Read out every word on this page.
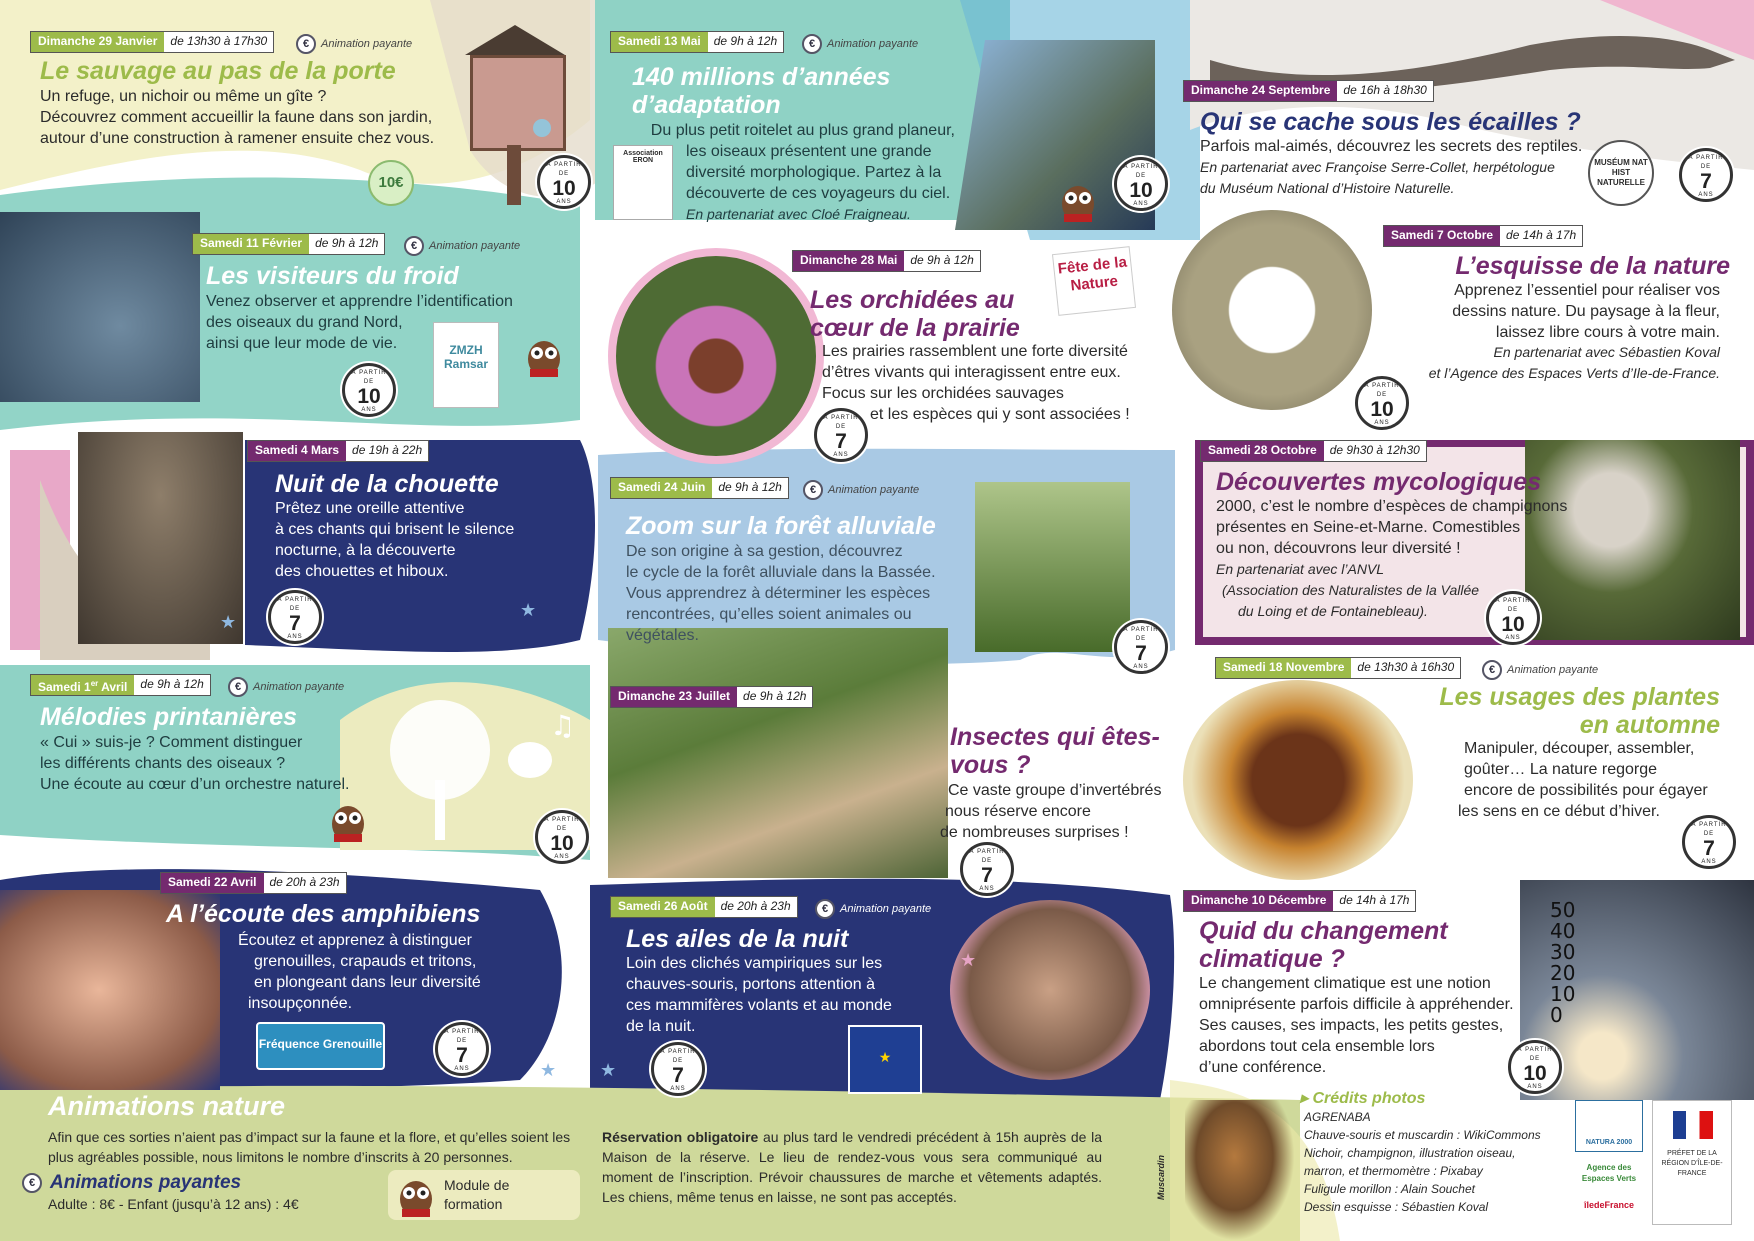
♫
50
40
30
20
10
0
★
★
★
★
★
Dimanche 29 Janvier	de 13h30 à 17h30	€	Animation payante
Le sauvage au pas de la porte
Un refuge, un nichoir ou même un gîte ?
Découvrez comment accueillir la faune dans son jardin,
autour d’une construction à ramener ensuite chez vous.
10€
À PARTIR DE
10
ANS
Samedi 11 Février	de 9h à 12h	€	Animation payante
Les visiteurs du froid
Venez observer et apprendre l’identification
des oiseaux du grand Nord,
ainsi que leur mode de vie.	ZMZH Ramsar
À PARTIR DE
10
ANS
Samedi 4 Mars	de 19h à 22h
Nuit de la chouette
Prêtez une oreille attentive
à ces chants qui brisent le silence
nocturne, à la découverte
des chouettes et hiboux.
À PARTIR DE
7
ANS
Samedi 1er Avril	de 9h à 12h	€	Animation payante
Mélodies printanières
« Cui » suis-je ? Comment distinguer
les différents chants des oiseaux ?
Une écoute au cœur d’un orchestre naturel.
À PARTIR DE
10
ANS
Samedi 22 Avril	de 20h à 23h
A l’écoute des amphibiens
Écoutez et apprenez à distinguer
grenouilles, crapauds et tritons,
en plongeant dans leur diversité
insoupçonnée.
Fréquence Grenouille
À PARTIR DE
7
ANS
Samedi 13 Mai	de 9h à 12h	€	Animation payante
140 millions d’années d’adaptation
Association ERON
Du plus petit roitelet au plus grand planeur,
les oiseaux présentent une grande
diversité morphologique. Partez à la
découverte de ces voyageurs du ciel.
En partenariat avec Cloé Fraigneau.
À PARTIR DE
10
ANS
Dimanche 28 Mai	de 9h à 12h	Fête de la Nature
Les orchidées au cœur de la prairie
Les prairies rassemblent une forte diversité
d’êtres vivants qui interagissent entre eux.
Focus sur les orchidées sauvages
et les espèces qui y sont associées !
À PARTIR DE
7
ANS
Samedi 24 Juin	de 9h à 12h	€	Animation payante
Zoom sur la forêt alluviale
De son origine à sa gestion, découvrez
le cycle de la forêt alluviale dans la Bassée.
Vous apprendrez à déterminer les espèces
rencontrées, qu’elles soient animales ou
végétales.	À PARTIR DE
7
ANS
Dimanche 23 Juillet	de 9h à 12h
Insectes qui êtes-vous ?
Ce vaste groupe d’invertébrés
nous réserve encore
de nombreuses surprises !
À PARTIR DE
7
ANS
Samedi 26 Août	de 20h à 23h	€	Animation payante
Les ailes de la nuit
Loin des clichés vampiriques sur les
chauves-souris, portons attention à
ces mammifères volants et au monde
de la nuit.
À PARTIR DE
7
ANS
★
Dimanche 24 Septembre	de 16h à 18h30
Qui se cache sous les écailles ?
Parfois mal-aimés, découvrez les secrets des reptiles.
En partenariat avec Françoise Serre-Collet, herpétologue
du Muséum National d’Histoire Naturelle.
MUSÉUM NAT HIST NATURELLE
À PARTIR DE
7
ANS
Samedi 7 Octobre	de 14h à 17h
L’esquisse de la nature
Apprenez l’essentiel pour réaliser vos
dessins nature. Du paysage à la fleur,
laissez libre cours à votre main.
En partenariat avec Sébastien Koval
et l’Agence des Espaces Verts d’Ile-de-France.
À PARTIR DE
10
ANS
Samedi 28 Octobre	de 9h30 à 12h30
Découvertes mycologiques
2000, c’est le nombre d’espèces de champignons
présentes en Seine-et-Marne. Comestibles
ou non, découvrons leur diversité !
En partenariat avec l’ANVL
(Association des Naturalistes de la Vallée
du Loing et de Fontainebleau).
À PARTIR DE
10
ANS
Samedi 18 Novembre	de 13h30 à 16h30	€	Animation payante
Les usages des plantes en automne
Manipuler, découper, assembler,
goûter… La nature regorge
encore de possibilités pour égayer
les sens en ce début d’hiver.
À PARTIR DE
7
ANS
Dimanche 10 Décembre	de 14h à 17h
Quid du changement climatique ?
Le changement climatique est une notion
omniprésente parfois difficile à appréhender.
Ses causes, ses impacts, les petits gestes,
abordons tout cela ensemble lors
d’une conférence.
À PARTIR DE
10
ANS
Animations nature
Afin que ces sorties n’aient pas d’impact sur la faune et la flore, et qu’elles soient les plus agréables possible, nous limitons le nombre d’inscrits à 20 personnes.
€ Animations payantes
Adulte : 8€ - Enfant (jusqu’à 12 ans) : 4€
Module de formation
Réservation obligatoire au plus tard le vendredi précédent à 15h auprès de la Maison de la réserve. Le lieu de rendez-vous vous sera communiqué au moment de l’inscription. Prévoir chaussures de marche et vêtements adaptés. Les chiens, même tenus en laisse, ne sont pas acceptés.	Muscardin
▸ Crédits photos
AGRENABA
Chauve-souris et muscardin : WikiCommons
Nichoir, champignon, illustration oiseau,
marron, et thermomètre : Pixabay
Fuligule morillon : Alain Souchet
Dessin esquisse : Sébastien Koval
NATURA 2000
Agence des Espaces Verts
îledeFrance
PRÉFET DE LA RÉGION D’ÎLE-DE-FRANCE
